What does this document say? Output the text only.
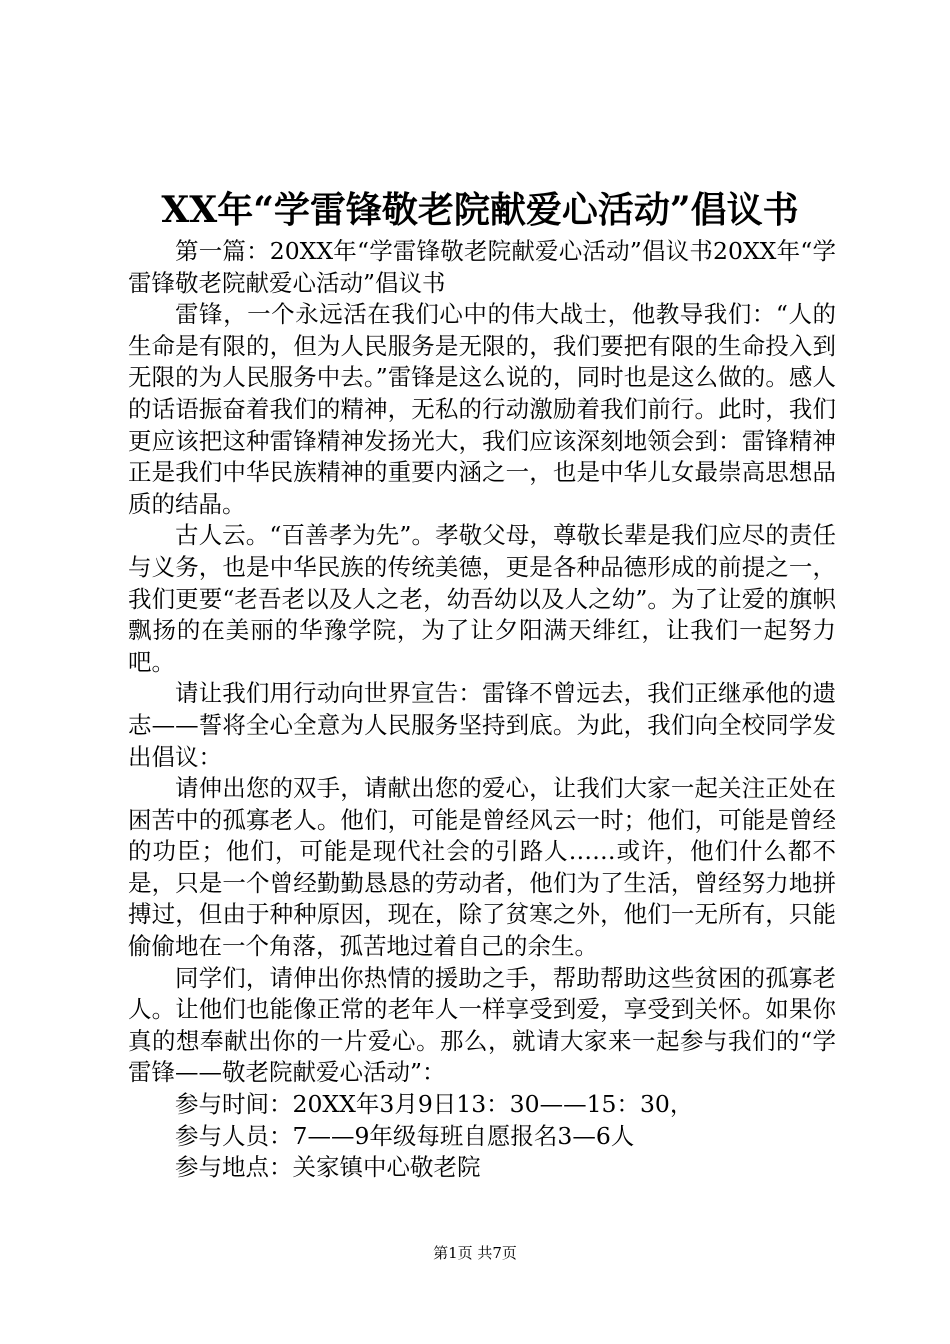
XX年“学雷锋敬老院献爱心活动”倡议书

第一篇：20XX年“学雷锋敬老院献爱心活动”倡议书20XX年“学雷锋敬老院献爱心活动”倡议书

雷锋，一个永远活在我们心中的伟大战士，他教导我们：“人的生命是有限的，但为人民服务是无限的，我们要把有限的生命投入到无限的为人民服务中去。”雷锋是这么说的，同时也是这么做的。感人的话语振奋着我们的精神，无私的行动激励着我们前行。此时，我们更应该把这种雷锋精神发扬光大，我们应该深刻地领会到：雷锋精神正是我们中华民族精神的重要内涵之一，也是中华儿女最崇高思想品质的结晶。

古人云。“百善孝为先”。孝敬父母，尊敬长辈是我们应尽的责任与义务，也是中华民族的传统美德，更是各种品德形成的前提之一，我们更要“老吾老以及人之老，幼吾幼以及人之幼”。为了让爱的旗帜飘扬的在美丽的华豫学院，为了让夕阳满天绯红，让我们一起努力吧。

请让我们用行动向世界宣告：雷锋不曾远去，我们正继承他的遗志——誓将全心全意为人民服务坚持到底。为此，我们向全校同学发出倡议：

请伸出您的双手，请献出您的爱心，让我们大家一起关注正处在困苦中的孤寡老人。他们，可能是曾经风云一时；他们，可能是曾经的功臣；他们，可能是现代社会的引路人……或许，他们什么都不是，只是一个曾经勤勤恳恳的劳动者，他们为了生活，曾经努力地拼搏过，但由于种种原因，现在，除了贫寒之外，他们一无所有，只能偷偷地在一个角落，孤苦地过着自己的余生。

同学们，请伸出你热情的援助之手，帮助帮助这些贫困的孤寡老人。让他们也能像正常的老年人一样享受到爱，享受到关怀。如果你真的想奉献出你的一片爱心。那么，就请大家来一起参与我们的“学雷锋——敬老院献爱心活动”：

参与时间：20XX年3月9日13：30——15：30，

参与人员：7——9年级每班自愿报名3—6人

参与地点：关家镇中心敬老院

第1页 共7页
